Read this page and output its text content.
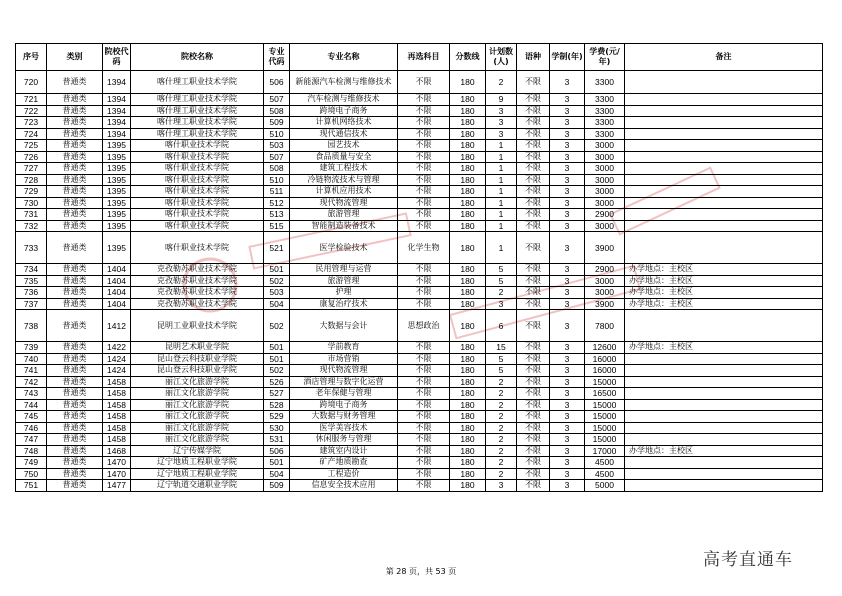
序号	类别	院校代码	院校名称	专业代码	专业名称	再选科目	分数线	计划数(人)	语种	学制(年)	学费(元/年)	备注
720	普通类	1394	喀什理工职业技术学院	506	新能源汽车检测与维修技术	不限	180	2	不限	3	3300	
721	普通类	1394	喀什理工职业技术学院	507	汽车检测与维修技术	不限	180	9	不限	3	3300	
722	普通类	1394	喀什理工职业技术学院	508	跨境电子商务	不限	180	3	不限	3	3300	
723	普通类	1394	喀什理工职业技术学院	509	计算机网络技术	不限	180	3	不限	3	3300	
724	普通类	1394	喀什理工职业技术学院	510	现代通信技术	不限	180	3	不限	3	3300	
725	普通类	1395	喀什职业技术学院	503	园艺技术	不限	180	1	不限	3	3000	
726	普通类	1395	喀什职业技术学院	507	食品质量与安全	不限	180	1	不限	3	3000	
727	普通类	1395	喀什职业技术学院	508	建筑工程技术	不限	180	1	不限	3	3000	
728	普通类	1395	喀什职业技术学院	510	冷链物流技术与管理	不限	180	1	不限	3	3000	
729	普通类	1395	喀什职业技术学院	511	计算机应用技术	不限	180	1	不限	3	3000	
730	普通类	1395	喀什职业技术学院	512	现代物流管理	不限	180	1	不限	3	3000	
731	普通类	1395	喀什职业技术学院	513	旅游管理	不限	180	1	不限	3	2900	
732	普通类	1395	喀什职业技术学院	515	智能制造装备技术	不限	180	1	不限	3	3000	
733	普通类	1395	喀什职业技术学院	521	医学检验技术	化学生物	180	1	不限	3	3900	
734	普通类	1404	克孜勒苏职业技术学院	501	民用管理与运营	不限	180	5	不限	3	2900	办学地点：主校区
735	普通类	1404	克孜勒苏职业技术学院	502	旅游管理	不限	180	5	不限	3	3000	办学地点：主校区
736	普通类	1404	克孜勒苏职业技术学院	503	护理	不限	180	2	不限	3	3000	办学地点：主校区
737	普通类	1404	克孜勒苏职业技术学院	504	康复治疗技术	不限	180	3	不限	3	3900	办学地点：主校区
738	普通类	1412	昆明工业职业技术学院	502	大数据与会计	思想政治	180	6	不限	3	7800	
739	普通类	1422	昆明艺术职业学院	501	学前教育	不限	180	15	不限	3	12600	办学地点：主校区
740	普通类	1424	昆山登云科技职业学院	501	市场营销	不限	180	5	不限	3	16000	
741	普通类	1424	昆山登云科技职业学院	502	现代物流管理	不限	180	5	不限	3	16000	
742	普通类	1458	丽江文化旅游学院	526	酒店管理与数字化运营	不限	180	2	不限	3	15000	
743	普通类	1458	丽江文化旅游学院	527	老年保健与管理	不限	180	2	不限	3	16500	
744	普通类	1458	丽江文化旅游学院	528	跨境电子商务	不限	180	2	不限	3	15000	
745	普通类	1458	丽江文化旅游学院	529	大数据与财务管理	不限	180	2	不限	3	15000	
746	普通类	1458	丽江文化旅游学院	530	医学美容技术	不限	180	2	不限	3	15000	
747	普通类	1458	丽江文化旅游学院	531	休闲服务与管理	不限	180	2	不限	3	15000	
748	普通类	1468	辽宁传媒学院	506	建筑室内设计	不限	180	2	不限	3	17000	办学地点：主校区
749	普通类	1470	辽宁地质工程职业学院	501	矿产地质勘查	不限	180	2	不限	3	4500	
750	普通类	1470	辽宁地质工程职业学院	504	工程造价	不限	180	2	不限	3	4500	
751	普通类	1477	辽宁轨道交通职业学院	509	信息安全技术应用	不限	180	3	不限	3	5000	
第 28 页，共 53 页
高考直通车
